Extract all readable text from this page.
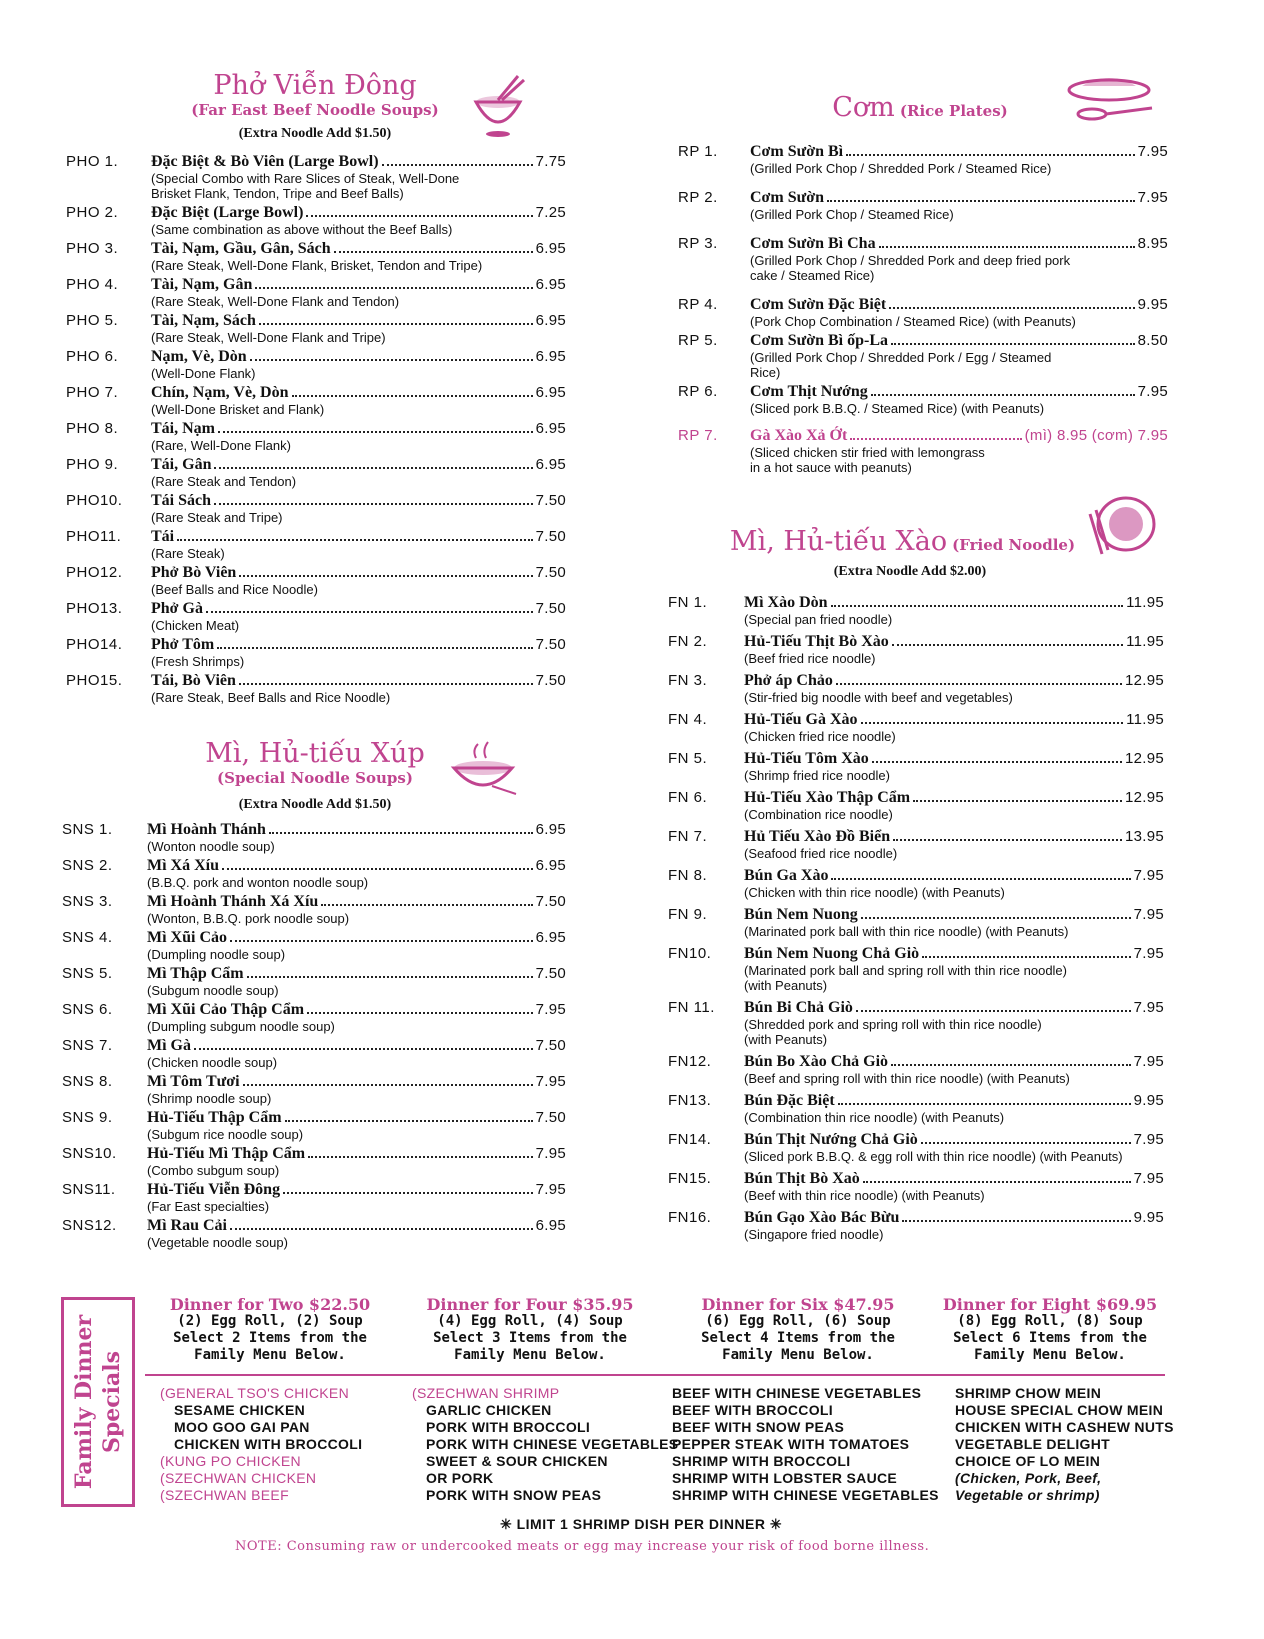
Phở Viễn Đông
(Far East Beef Noodle Soups)
(Extra Noodle Add $1.50)
PHO 1. Đặc Biệt & Bò Viên (Large Bowl)	7.75
(Special Combo with Rare Slices of Steak, Well-Done
Brisket Flank, Tendon, Tripe and Beef Balls)
PHO 2. Đặc Biệt (Large Bowl)	7.25
(Same combination as above without the Beef Balls)
PHO 3. Tài, Nạm, Gầu, Gân, Sách	6.95
(Rare Steak, Well-Done Flank, Brisket, Tendon and Tripe)
PHO 4. Tài, Nạm, Gân	6.95
(Rare Steak, Well-Done Flank and Tendon)
PHO 5. Tài, Nạm, Sách	6.95
(Rare Steak, Well-Done Flank and Tripe)
PHO 6. Nạm, Vè, Dòn	6.95
(Well-Done Flank)
PHO 7. Chín, Nạm, Vè, Dòn	6.95
(Well-Done Brisket and Flank)
PHO 8. Tái, Nạm	6.95
(Rare, Well-Done Flank)
PHO 9. Tái, Gân	6.95
(Rare Steak and Tendon)
PHO10. Tái Sách	7.50
(Rare Steak and Tripe)
PHO11. Tái	7.50
(Rare Steak)
PHO12. Phở Bò Viên	7.50
(Beef Balls and Rice Noodle)
PHO13. Phở Gà	7.50
(Chicken Meat)
PHO14. Phở Tôm	7.50
(Fresh Shrimps)
PHO15. Tái, Bò Viên	7.50
(Rare Steak, Beef Balls and Rice Noodle)
Mì, Hủ-tiếu Xúp
(Special Noodle Soups)
(Extra Noodle Add $1.50)
SNS 1. Mì Hoành Thánh	6.95
(Wonton noodle soup)
SNS 2. Mì Xá Xíu	6.95
(B.B.Q. pork and wonton noodle soup)
SNS 3. Mì Hoành Thánh Xá Xíu	7.50
(Wonton, B.B.Q. pork noodle soup)
SNS 4. Mì Xũi Cảo	6.95
(Dumpling noodle soup)
SNS 5. Mì Thập Cẩm	7.50
(Subgum noodle soup)
SNS 6. Mì Xũi Cảo Thập Cẩm	7.95
(Dumpling subgum noodle soup)
SNS 7. Mì Gà	7.50
(Chicken noodle soup)
SNS 8. Mì Tôm Tươi	7.95
(Shrimp noodle soup)
SNS 9. Hủ-Tiếu Thập Cẩm	7.50
(Subgum rice noodle soup)
SNS10. Hủ-Tiếu Mì Thập Cẩm	7.95
(Combo subgum soup)
SNS11. Hủ-Tiếu Viễn Đông	7.95
(Far East specialties)
SNS12. Mì Rau Cải	6.95
(Vegetable noodle soup)
Cơm (Rice Plates)
RP 1. Cơm Sườn Bì	7.95
(Grilled Pork Chop / Shredded Pork / Steamed Rice)
RP 2. Cơm Sườn	7.95
(Grilled Pork Chop / Steamed Rice)
RP 3. Cơm Sườn Bì Cha	8.95
(Grilled Pork Chop / Shredded Pork and deep fried pork
cake / Steamed Rice)
RP 4. Cơm Sườn Đặc Biệt	9.95
(Pork Chop Combination / Steamed Rice) (with Peanuts)
RP 5. Cơm Sườn Bì ốp-La	8.50
(Grilled Pork Chop / Shredded Pork / Egg / Steamed
Rice)
RP 6. Cơm Thịt Nướng	7.95
(Sliced pork B.B.Q. / Steamed Rice) (with Peanuts)
RP 7. Gà Xào Xả Ớt	(mì) 8.95 (cơm) 7.95
(Sliced chicken stir fried with lemongrass
in a hot sauce with peanuts)
Mì, Hủ-tiếu Xào (Fried Noodle)
(Extra Noodle Add $2.00)
FN 1. Mì Xào Dòn	11.95
(Special pan fried noodle)
FN 2. Hủ-Tiếu Thịt Bò Xào	11.95
(Beef fried rice noodle)
FN 3. Phở áp Chảo	12.95
(Stir-fried big noodle with beef and vegetables)
FN 4. Hủ-Tiếu Gà Xào	11.95
(Chicken fried rice noodle)
FN 5. Hủ-Tiếu Tôm Xào	12.95
(Shrimp fried rice noodle)
FN 6. Hủ-Tiếu Xào Thập Cẩm	12.95
(Combination rice noodle)
FN 7. Hủ Tiếu Xào Đồ Biển	13.95
(Seafood fried rice noodle)
FN 8. Bún Ga Xào	7.95
(Chicken with thin rice noodle) (with Peanuts)
FN 9. Bún Nem Nuong	7.95
(Marinated pork ball with thin rice noodle) (with Peanuts)
FN10. Bún Nem Nuong Chả Giò	7.95
(Marinated pork ball and spring roll with thin rice noodle)
(with Peanuts)
FN 11. Bún Bi Chả Giò	7.95
(Shredded pork and spring roll with thin rice noodle)
(with Peanuts)
FN12. Bún Bo Xào Chả Giò	7.95
(Beef and spring roll with thin rice noodle) (with Peanuts)
FN13. Bún Đặc Biệt	9.95
(Combination thin rice noodle) (with Peanuts)
FN14. Bún Thịt Nướng Chả Giò	7.95
(Sliced pork B.B.Q. & egg roll with thin rice noodle) (with Peanuts)
FN15. Bún Thịt Bò Xaò	7.95
(Beef with thin rice noodle) (with Peanuts)
FN16. Bún Gạo Xào Bác Bừu	9.95
(Singapore fried noodle)
Family Dinner Specials
Dinner for Two $22.50
(2) Egg Roll, (2) Soup
Select 2 Items from the
Family Menu Below.
Dinner for Four $35.95
(4) Egg Roll, (4) Soup
Select 3 Items from the
Family Menu Below.
Dinner for Six $47.95
(6) Egg Roll, (6) Soup
Select 4 Items from the
Family Menu Below.
Dinner for Eight $69.95
(8) Egg Roll, (8) Soup
Select 6 Items from the
Family Menu Below.
(GENERAL TSO'S CHICKEN
SESAME CHICKEN
MOO GOO GAI PAN
CHICKEN WITH BROCCOLI
(KUNG PO CHICKEN
(SZECHWAN CHICKEN
(SZECHWAN BEEF
(SZECHWAN SHRIMP
GARLIC CHICKEN
PORK WITH BROCCOLI
PORK WITH CHINESE VEGETABLES
SWEET & SOUR CHICKEN
OR PORK
PORK WITH SNOW PEAS
BEEF WITH CHINESE VEGETABLES
BEEF WITH BROCCOLI
BEEF WITH SNOW PEAS
PEPPER STEAK WITH TOMATOES
SHRIMP WITH BROCCOLI
SHRIMP WITH LOBSTER SAUCE
SHRIMP WITH CHINESE VEGETABLES
SHRIMP CHOW MEIN
HOUSE SPECIAL CHOW MEIN
CHICKEN WITH CASHEW NUTS
VEGETABLE DELIGHT
CHOICE OF LO MEIN
(Chicken, Pork, Beef,
Vegetable or shrimp)
✳ LIMIT 1 SHRIMP DISH PER DINNER ✳
NOTE: Consuming raw or undercooked meats or egg may increase your risk of food borne illness.
